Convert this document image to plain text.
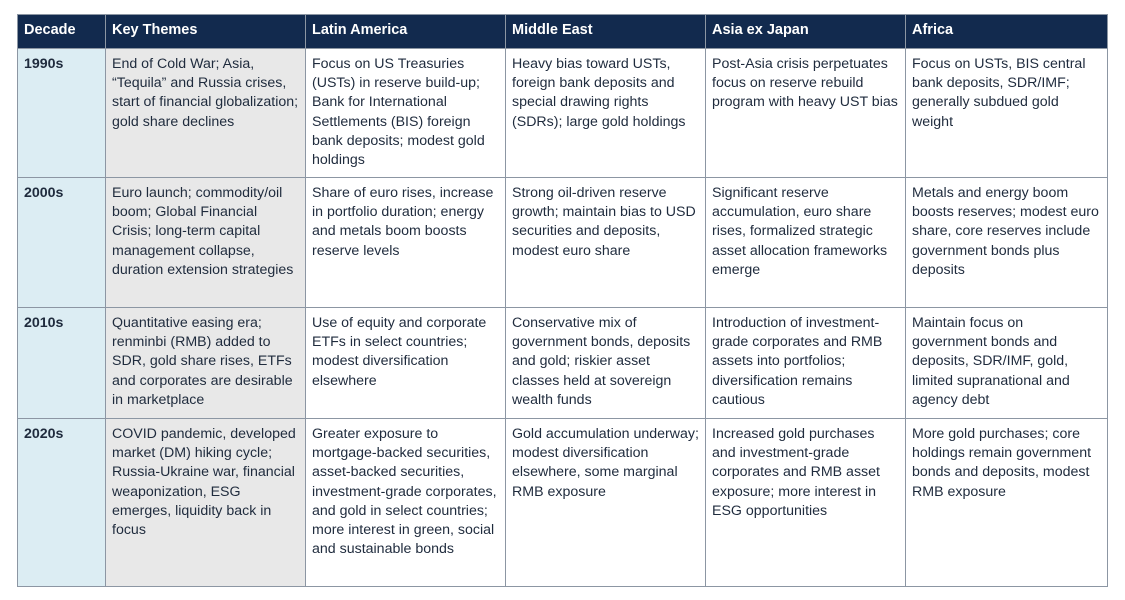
Decade	Key Themes	Latin America	Middle East	Asia ex Japan	Africa
1990s	End of Cold War; Asia, “Tequila” and Russia crises, start of financial globalization; gold share declines	Focus on US Treasuries (USTs) in reserve build-up; Bank for International Settlements (BIS) foreign bank deposits; modest gold holdings	Heavy bias toward USTs, foreign bank deposits and special drawing rights (SDRs); large gold holdings	Post-Asia crisis perpetuates focus on reserve rebuild program with heavy UST bias	Focus on USTs, BIS central bank deposits, SDR/IMF; generally subdued gold weight
2000s	Euro launch; commodity/oil boom; Global Financial Crisis; long-term capital management collapse, duration extension strategies	Share of euro rises, increase in portfolio duration; energy and metals boom boosts reserve levels	Strong oil-driven reserve growth; maintain bias to USD securities and deposits, modest euro share	Significant reserve accumulation, euro share rises, formalized strategic asset allocation frameworks emerge	Metals and energy boom boosts reserves; modest euro share, core reserves include government bonds plus deposits
2010s	Quantitative easing era; renminbi (RMB) added to SDR, gold share rises, ETFs and corporates are desirable in marketplace	Use of equity and corporate ETFs in select countries; modest diversification elsewhere	Conservative mix of government bonds, deposits and gold; riskier asset classes held at sovereign wealth funds	Introduction of investment-grade corporates and RMB assets into portfolios; diversification remains cautious	Maintain focus on government bonds and deposits, SDR/IMF, gold, limited supranational and agency debt
2020s	COVID pandemic, developed market (DM) hiking cycle; Russia-Ukraine war, financial weaponization, ESG emerges, liquidity back in focus	Greater exposure to mortgage-backed securities, asset-backed securities, investment-grade corporates, and gold in select countries; more interest in green, social and sustainable bonds	Gold accumulation underway; modest diversification elsewhere, some marginal RMB exposure	Increased gold purchases and investment-grade corporates and RMB asset exposure; more interest in ESG opportunities	More gold purchases; core holdings remain government bonds and deposits, modest RMB exposure
